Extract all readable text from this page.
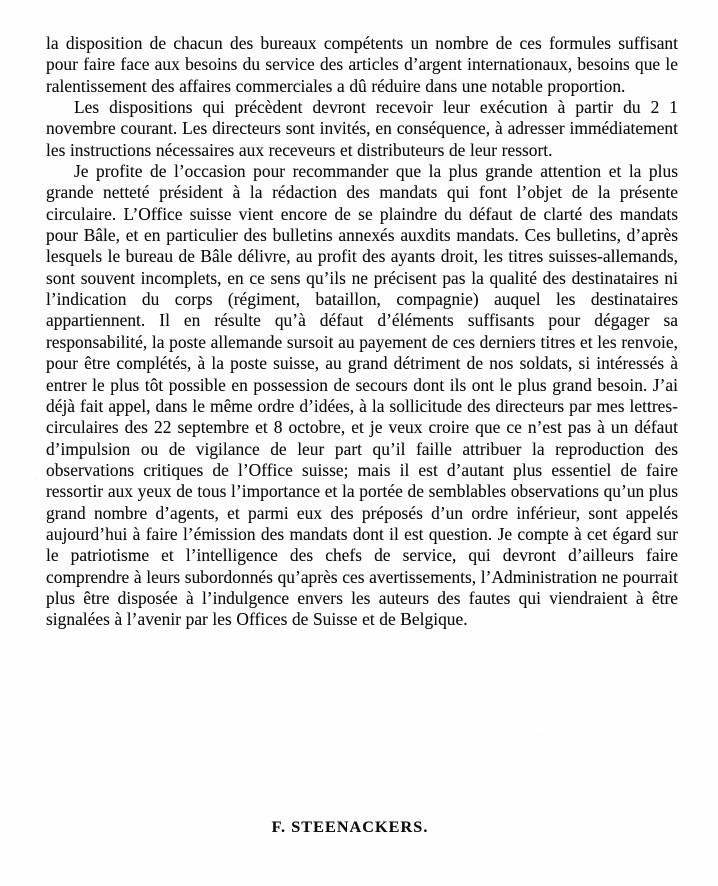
la disposition de chacun des bureaux compétents un nombre de ces formules suffisant pour faire face aux besoins du service des articles d’argent internationaux, besoins que le ralentissement des affaires commerciales a dû réduire dans une notable proportion.

Les dispositions qui précèdent devront recevoir leur exécution à partir du 2 1 novembre courant. Les directeurs sont invités, en conséquence, à adresser immédiatement les instructions nécessaires aux receveurs et distributeurs de leur ressort.

Je profite de l’occasion pour recommander que la plus grande attention et la plus grande netteté président à la rédaction des mandats qui font l’objet de la présente circulaire. L’Office suisse vient encore de se plaindre du défaut de clarté des mandats pour Bâle, et en particulier des bulletins annexés auxdits mandats. Ces bulletins, d’après lesquels le bureau de Bâle délivre, au profit des ayants droit, les titres suisses-allemands, sont souvent incomplets, en ce sens qu’ils ne précisent pas la qualité des destinataires ni l’indication du corps (régiment, bataillon, compagnie) auquel les destinataires appartiennent. Il en résulte qu’à défaut d’éléments suffisants pour dégager sa responsabilité, la poste allemande sursoit au payement de ces derniers titres et les renvoie, pour être complétés, à la poste suisse, au grand détriment de nos soldats, si intéressés à entrer le plus tôt possible en possession de secours dont ils ont le plus grand besoin. J’ai déjà fait appel, dans le même ordre d’idées, à la sollicitude des directeurs par mes lettres-circulaires des 22 septembre et 8 octobre, et je veux croire que ce n’est pas à un défaut d’impulsion ou de vigilance de leur part qu’il faille attribuer la reproduction des observations critiques de l’Office suisse; mais il est d’autant plus essentiel de faire ressortir aux yeux de tous l’importance et la portée de semblables observations qu’un plus grand nombre d’agents, et parmi eux des préposés d’un ordre inférieur, sont appelés aujourd’hui à faire l’émission des mandats dont il est question. Je compte à cet égard sur le patriotisme et l’intelligence des chefs de service, qui devront d’ailleurs faire comprendre à leurs subordonnés qu’après ces avertissements, l’Administration ne pourrait plus être disposée à l’indulgence envers les auteurs des fautes qui viendraient à être signalées à l’avenir par les Offices de Suisse et de Belgique.

F. STEENACKERS.
